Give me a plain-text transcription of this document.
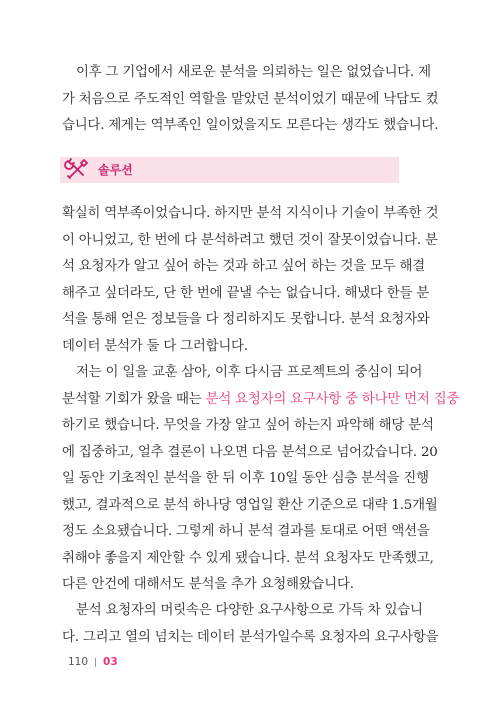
이후 그 기업에서 새로운 분석을 의뢰하는 일은 없었습니다. 제
가 처음으로 주도적인 역할을 맡았던 분석이었기 때문에 낙담도 컸
습니다. 제게는 역부족인 일이었을지도 모른다는 생각도 했습니다.
솔루션
확실히 역부족이었습니다. 하지만 분석 지식이나 기술이 부족한 것
이 아니었고, 한 번에 다 분석하려고 했던 것이 잘못이었습니다. 분
석 요청자가 알고 싶어 하는 것과 하고 싶어 하는 것을 모두 해결
해주고 싶더라도, 단 한 번에 끝낼 수는 없습니다. 해냈다 한들 분
석을 통해 얻은 정보들을 다 정리하지도 못합니다. 분석 요청자와
데이터 분석가 둘 다 그러합니다.
저는 이 일을 교훈 삼아, 이후 다시금 프로젝트의 중심이 되어
분석할 기회가 왔을 때는 분석 요청자의 요구사항 중 하나만 먼저 집중
하기로 했습니다. 무엇을 가장 알고 싶어 하는지 파악해 해당 분석
에 집중하고, 얼추 결론이 나오면 다음 분석으로 넘어갔습니다. 20
일 동안 기초적인 분석을 한 뒤 이후 10일 동안 심층 분석을 진행
했고, 결과적으로 분석 하나당 영업일 환산 기준으로 대략 1.5개월
정도 소요됐습니다. 그렇게 하니 분석 결과를 토대로 어떤 액션을
취해야 좋을지 제안할 수 있게 됐습니다. 분석 요청자도 만족했고,
다른 안건에 대해서도 분석을 추가 요청해왔습니다.
분석 요청자의 머릿속은 다양한 요구사항으로 가득 차 있습니
다. 그리고 열의 넘치는 데이터 분석가일수록 요청자의 요구사항을
110 03
